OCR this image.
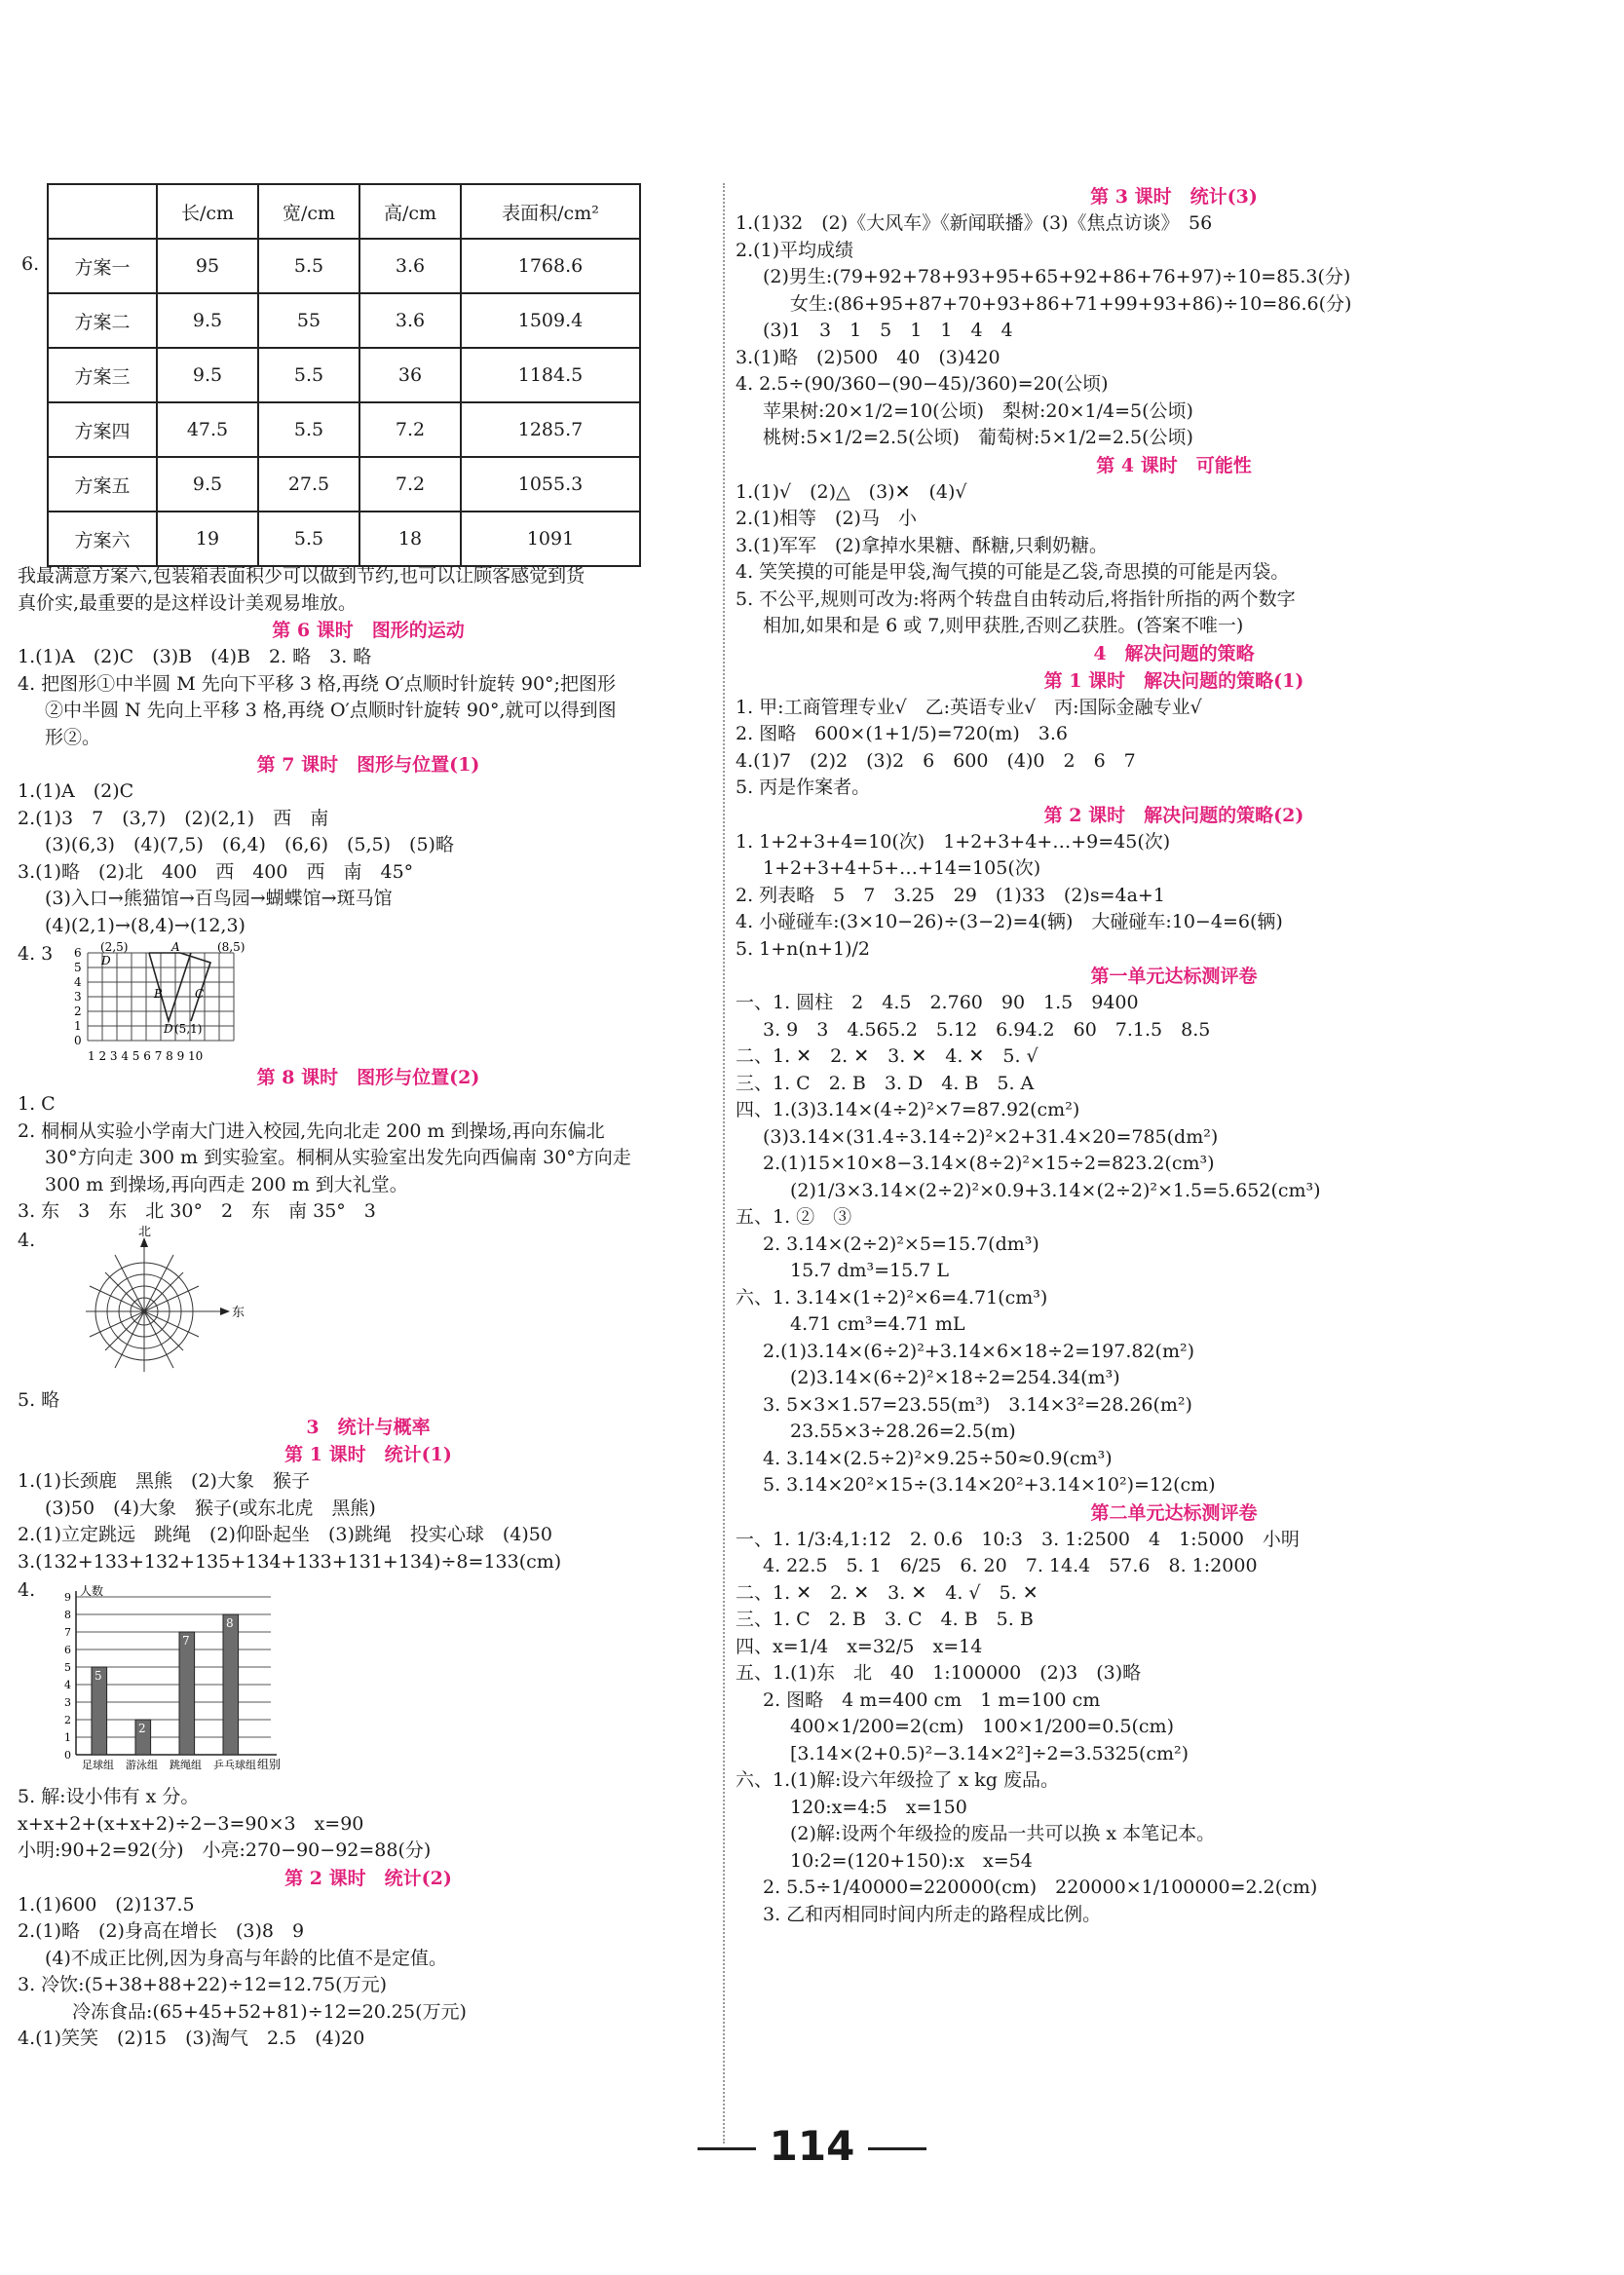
6.
	长/cm	宽/cm	高/cm	表面积/cm²
方案一	95	5.5	3.6	1768.6
方案二	9.5	55	3.6	1509.4
方案三	9.5	5.5	36	1184.5
方案四	47.5	5.5	7.2	1285.7
方案五	9.5	27.5	7.2	1055.3
方案六	19	5.5	18	1091
我最满意方案六,包装箱表面积少可以做到节约,也可以让顾客感觉到货
真价实,最重要的是这样设计美观易堆放。
第 6 课时　图形的运动
1.(1)A　(2)C　(3)B　(4)B　2. 略　3. 略
4. 把图形①中半圆 M 先向下平移 3 格,再绕 O′点顺时针旋转 90°;把图形
②中半圆 N 先向上平移 3 格,再绕 O′点顺时针旋转 90°,就可以得到图
形②。
第 7 课时　图形与位置(1)
1.(1)A　(2)C
2.(1)3　7　(3,7)　(2)(2,1)　西　南
(3)(6,3)　(4)(7,5)　(6,4)　(6,6)　(5,5)　(5)略
3.(1)略　(2)北　400　西　400　西　南　45°
(3)入口→熊猫馆→百鸟园→蝴蝶馆→斑马馆
(4)(2,1)→(8,4)→(12,3)
4. 3	(2,5)	A	(8,5)
D
B	C
D (5,1)
1 2 3 4 5 6 7 8 9 10
6
5
4
3
2
1
0
第 8 课时　图形与位置(2)
1. C
2. 桐桐从实验小学南大门进入校园,先向北走 200 m 到操场,再向东偏北
30°方向走 300 m 到实验室。桐桐从实验室出发先向西偏南 30°方向走
300 m 到操场,再向西走 200 m 到大礼堂。
3. 东　3　东　北 30°　2　东　南 35°　3
4.	北
东
5. 略
3　统计与概率
第 1 课时　统计(1)
1.(1)长颈鹿　黑熊　(2)大象　猴子
(3)50　(4)大象　猴子(或东北虎　黑熊)
2.(1)立定跳远　跳绳　(2)仰卧起坐　(3)跳绳　投实心球　(4)50
3.(132+133+132+135+134+133+131+134)÷8=133(cm)
4.
0
1
2
3
4
5
6
7
8
9 人数
组别
5
足球组
2
游泳组
7
跳绳组
8
乒乓球组
5. 解:设小伟有 x 分。
x+x+2+(x+x+2)÷2−3=90×3　x=90
小明:90+2=92(分)　小亮:270−90−92=88(分)
第 2 课时　统计(2)
1.(1)600　(2)137.5
2.(1)略　(2)身高在增长　(3)8　9
(4)不成正比例,因为身高与年龄的比值不是定值。
3. 冷饮:(5+38+88+22)÷12=12.75(万元)
冷冻食品:(65+45+52+81)÷12=20.25(万元)
4.(1)笑笑　(2)15　(3)淘气　2.5　(4)20
第 3 课时　统计(3)
1.(1)32　(2)《大风车》《新闻联播》(3)《焦点访谈》　56
2.(1)平均成绩
(2)男生:(79+92+78+93+95+65+92+86+76+97)÷10=85.3(分)
女生:(86+95+87+70+93+86+71+99+93+86)÷10=86.6(分)
(3)1　3　1　5　1　1　4　4
3.(1)略　(2)500　40　(3)420
4. 2.5÷(90/360−(90−45)/360)=20(公顷)
苹果树:20×1/2=10(公顷)　梨树:20×1/4=5(公顷)
桃树:5×1/2=2.5(公顷)　葡萄树:5×1/2=2.5(公顷)
第 4 课时　可能性
1.(1)√　(2)△　(3)✕　(4)√
2.(1)相等　(2)马　小
3.(1)军军　(2)拿掉水果糖、酥糖,只剩奶糖。
4. 笑笑摸的可能是甲袋,淘气摸的可能是乙袋,奇思摸的可能是丙袋。
5. 不公平,规则可改为:将两个转盘自由转动后,将指针所指的两个数字
相加,如果和是 6 或 7,则甲获胜,否则乙获胜。(答案不唯一)
4　解决问题的策略
第 1 课时　解决问题的策略(1)
1. 甲:工商管理专业√　乙:英语专业√　丙:国际金融专业√
2. 图略　600×(1+1/5)=720(m)　3.6
4.(1)7　(2)2　(3)2　6　600　(4)0　2　6　7
5. 丙是作案者。
第 2 课时　解决问题的策略(2)
1. 1+2+3+4=10(次)　1+2+3+4+…+9=45(次)
1+2+3+4+5+…+14=105(次)
2. 列表略　5　7　3.25　29　(1)33　(2)s=4a+1
4. 小碰碰车:(3×10−26)÷(3−2)=4(辆)　大碰碰车:10−4=6(辆)
5. 1+n(n+1)/2
第一单元达标测评卷
一、1. 圆柱　2　4.5　2.760　90　1.5　9400
3. 9　3　4.565.2　5.12　6.94.2　60　7.1.5　8.5
二、1. ✕　2. ✕　3. ✕　4. ✕　5. √
三、1. C　2. B　3. D　4. B　5. A
四、1.(3)3.14×(4÷2)²×7=87.92(cm²)
(3)3.14×(31.4÷3.14÷2)²×2+31.4×20=785(dm²)
2.(1)15×10×8−3.14×(8÷2)²×15÷2=823.2(cm³)
(2)1/3×3.14×(2÷2)²×0.9+3.14×(2÷2)²×1.5=5.652(cm³)
五、1. ②　③
2. 3.14×(2÷2)²×5=15.7(dm³)
15.7 dm³=15.7 L
六、1. 3.14×(1÷2)²×6=4.71(cm³)
4.71 cm³=4.71 mL
2.(1)3.14×(6÷2)²+3.14×6×18÷2=197.82(m²)
(2)3.14×(6÷2)²×18÷2=254.34(m³)
3. 5×3×1.57=23.55(m³)　3.14×3²=28.26(m²)
23.55×3÷28.26=2.5(m)
4. 3.14×(2.5÷2)²×9.25÷50≈0.9(cm³)
5. 3.14×20²×15÷(3.14×20²+3.14×10²)=12(cm)
第二单元达标测评卷
一、1. 1/3:4,1:12　2. 0.6　10:3　3. 1:2500　4　1:5000　小明
4. 22.5　5. 1　6/25　6. 20　7. 14.4　57.6　8. 1:2000
二、1. ✕　2. ✕　3. ✕　4. √　5. ✕
三、1. C　2. B　3. C　4. B　5. B
四、x=1/4　x=32/5　x=14
五、1.(1)东　北　40　1:100000　(2)3　(3)略
2. 图略　4 m=400 cm　1 m=100 cm
400×1/200=2(cm)　100×1/200=0.5(cm)
[3.14×(2+0.5)²−3.14×2²]÷2=3.5325(cm²)
六、1.(1)解:设六年级捡了 x kg 废品。
120:x=4:5　x=150
(2)解:设两个年级捡的废品一共可以换 x 本笔记本。
10:2=(120+150):x　x=54
2. 5.5÷1/40000=220000(cm)　220000×1/100000=2.2(cm)
3. 乙和丙相同时间内所走的路程成比例。
114
